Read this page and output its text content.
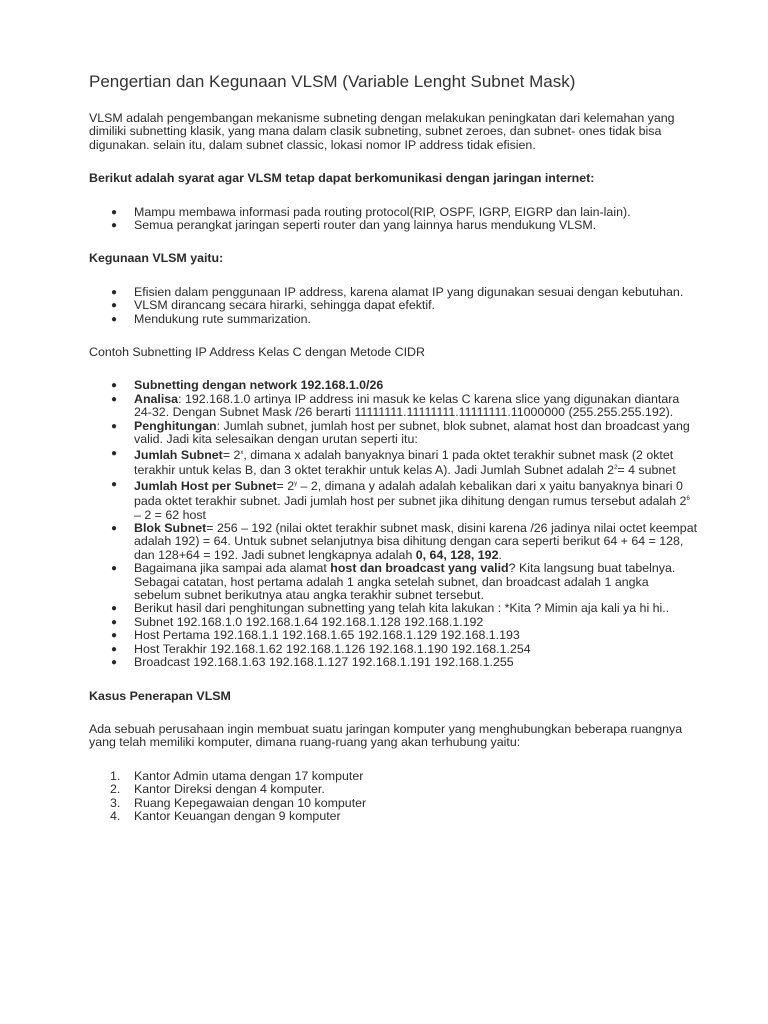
Pengertian dan Kegunaan VLSM (Variable Lenght Subnet Mask)

VLSM adalah pengembangan mekanisme subneting dengan melakukan peningkatan dari kelemahan yang dimiliki subnetting klasik, yang mana dalam clasik subneting, subnet zeroes, dan subnet- ones tidak bisa digunakan. selain itu, dalam subnet classic, lokasi nomor IP address tidak efisien.

Berikut adalah syarat agar VLSM tetap dapat berkomunikasi dengan jaringan internet:

● Mampu membawa informasi pada routing protocol(RIP, OSPF, IGRP, EIGRP dan lain-lain).
● Semua perangkat jaringan seperti router dan yang lainnya harus mendukung VLSM.

Kegunaan VLSM yaitu:

● Efisien dalam penggunaan IP address, karena alamat IP yang digunakan sesuai dengan kebutuhan.
● VLSM dirancang secara hirarki, sehingga dapat efektif.
● Mendukung rute summarization.

Contoh Subnetting IP Address Kelas C dengan Metode CIDR

● Subnetting dengan network 192.168.1.0/26
● Analisa: 192.168.1.0 artinya IP address ini masuk ke kelas C karena slice yang digunakan diantara 24-32. Dengan Subnet Mask /26 berarti 11111111.11111111.11111111.11000000 (255.255.255.192).
● Penghitungan: Jumlah subnet, jumlah host per subnet, blok subnet, alamat host dan broadcast yang valid. Jadi kita selesaikan dengan urutan seperti itu:
● Jumlah Subnet= $2^x$, dimana x adalah banyaknya binari 1 pada oktet terakhir subnet mask (2 oktet terakhir untuk kelas B, dan 3 oktet terakhir untuk kelas A). Jadi Jumlah Subnet adalah $2^2= 4$ subnet
● Jumlah Host per Subnet= $2^y - 2$, dimana y adalah adalah kebalikan dari x yaitu banyaknya binari 0 pada oktet terakhir subnet. Jadi jumlah host per subnet jika dihitung dengan rumus tersebut adalah $2^6 - 2 = 62$ host
● Blok Subnet= 256 – 192 (nilai oktet terakhir subnet mask, disini karena /26 jadinya nilai octet keempat adalah 192) = 64. Untuk subnet selanjutnya bisa dihitung dengan cara seperti berikut 64 + 64 = 128, dan 128+64 = 192. Jadi subnet lengkapnya adalah 0, 64, 128, 192.
● Bagaimana jika sampai ada alamat host dan broadcast yang valid? Kita langsung buat tabelnya. Sebagai catatan, host pertama adalah 1 angka setelah subnet, dan broadcast adalah 1 angka sebelum subnet berikutnya atau angka terakhir subnet tersebut.
● Berikut hasil dari penghitungan subnetting yang telah kita lakukan : *Kita ? Mimin aja kali ya hi hi..
● Subnet 192.168.1.0 192.168.1.64 192.168.1.128 192.168.1.192
● Host Pertama 192.168.1.1 192.168.1.65 192.168.1.129 192.168.1.193
● Host Terakhir 192.168.1.62 192.168.1.126 192.168.1.190 192.168.1.254
● Broadcast 192.168.1.63 192.168.1.127 192.168.1.191 192.168.1.255

Kasus Penerapan VLSM

Ada sebuah perusahaan ingin membuat suatu jaringan komputer yang menghubungkan beberapa ruangnya yang telah memiliki komputer, dimana ruang-ruang yang akan terhubung yaitu:

1. Kantor Admin utama dengan 17 komputer
2. Kantor Direksi dengan 4 komputer.
3. Ruang Kepegawaian dengan 10 komputer
4. Kantor Keuangan dengan 9 komputer
